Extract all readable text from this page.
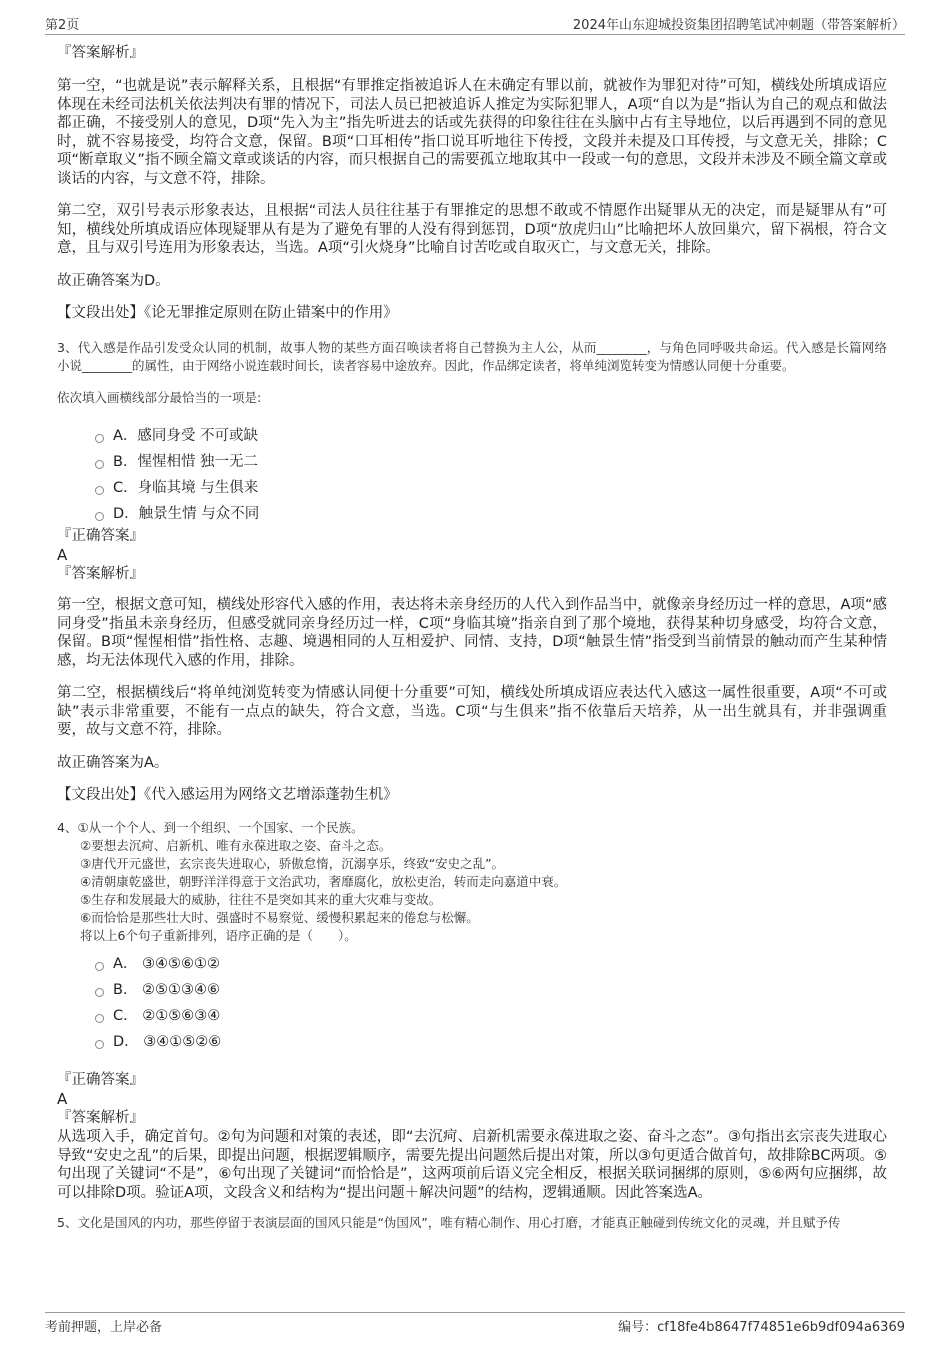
第2页	2024年山东迎城投资集团招聘笔试冲刺题（带答案解析）

『答案解析』

第一空，“也就是说”表示解释关系，且根据“有罪推定指被追诉人在未确定有罪以前，就被作为罪犯对待”可知，横线处所填成语应体现在未经司法机关依法判决有罪的情况下，司法人员已把被追诉人推定为实际犯罪人，A项“自以为是”指认为自己的观点和做法都正确，不接受别人的意见，D项“先入为主”指先听进去的话或先获得的印象往往在头脑中占有主导地位，以后再遇到不同的意见时，就不容易接受，均符合文意，保留。B项“口耳相传”指口说耳听地往下传授，文段并未提及口耳传授，与文意无关，排除；C项“断章取义”指不顾全篇文章或谈话的内容，而只根据自己的需要孤立地取其中一段或一句的意思，文段并未涉及不顾全篇文章或谈话的内容，与文意不符，排除。

第二空，双引号表示形象表达，且根据“司法人员往往基于有罪推定的思想不敢或不情愿作出疑罪从无的决定，而是疑罪从有”可知，横线处所填成语应体现疑罪从有是为了避免有罪的人没有得到惩罚，D项“放虎归山”比喻把坏人放回巢穴，留下祸根，符合文意，且与双引号连用为形象表达，当选。A项“引火烧身”比喻自讨苦吃或自取灭亡，与文意无关，排除。

故正确答案为D。

【文段出处】《论无罪推定原则在防止错案中的作用》

3、代入感是作品引发受众认同的机制，故事人物的某些方面召唤读者将自己替换为主人公，从而________，与角色同呼吸共命运。代入感是长篇网络小说________的属性，由于网络小说连载时间长，读者容易中途放弃。因此，作品绑定读者，将单纯浏览转变为情感认同便十分重要。

依次填入画横线部分最恰当的一项是:

A．感同身受 不可或缺
B．惺惺相惜 独一无二
C．身临其境 与生俱来
D．触景生情 与众不同

『正确答案』

A

『答案解析』

第一空，根据文意可知，横线处形容代入感的作用，表达将未亲身经历的人代入到作品当中，就像亲身经历过一样的意思，A项“感同身受”指虽未亲身经历，但感受就同亲身经历过一样，C项“身临其境”指亲自到了那个境地，获得某种切身感受，均符合文意，保留。B项“惺惺相惜”指性格、志趣、境遇相同的人互相爱护、同情、支持，D项“触景生情”指受到当前情景的触动而产生某种情感，均无法体现代入感的作用，排除。

第二空，根据横线后“将单纯浏览转变为情感认同便十分重要”可知，横线处所填成语应表达代入感这一属性很重要，A项“不可或缺”表示非常重要，不能有一点点的缺失，符合文意，当选。C项“与生俱来”指不依靠后天培养，从一出生就具有，并非强调重要，故与文意不符，排除。

故正确答案为A。

【文段出处】《代入感运用为网络文艺增添蓬勃生机》

4、①从一个个人、到一个组织、一个国家、一个民族。

②要想去沉疴、启新机、唯有永葆进取之姿、奋斗之态。

③唐代开元盛世，玄宗丧失进取心，骄傲怠惰，沉溺享乐，终致“安史之乱”。

④清朝康乾盛世，朝野洋洋得意于文治武功，奢靡腐化，放松吏治，转而走向嘉道中衰。

⑤生存和发展最大的威胁，往往不是突如其来的重大灾难与变故。

⑥而恰恰是那些壮大时、强盛时不易察觉、缓慢积累起来的倦怠与松懈。

将以上6个句子重新排列，语序正确的是（　　）。

A． ③④⑤⑥①②
B． ②⑤①③④⑥
C． ②①⑤⑥③④
D． ③④①⑤②⑥

『正确答案』

A

『答案解析』

从选项入手，确定首句。②句为问题和对策的表述，即“去沉疴、启新机需要永葆进取之姿、奋斗之态”。③句指出玄宗丧失进取心导致“安史之乱”的后果，即提出问题，根据逻辑顺序，需要先提出问题然后提出对策，所以③句更适合做首句，故排除BC两项。⑤句出现了关键词“不是”，⑥句出现了关键词“而恰恰是”，这两项前后语义完全相反，根据关联词捆绑的原则，⑤⑥两句应捆绑，故可以排除D项。验证A项，文段含义和结构为“提出问题＋解决问题”的结构，逻辑通顺。因此答案选A。

5、文化是国风的内功，那些停留于表演层面的国风只能是“伪国风”，唯有精心制作、用心打磨，才能真正触碰到传统文化的灵魂，并且赋予传

考前押题，上岸必备	编号：cf18fe4b8647f74851e6b9df094a6369
